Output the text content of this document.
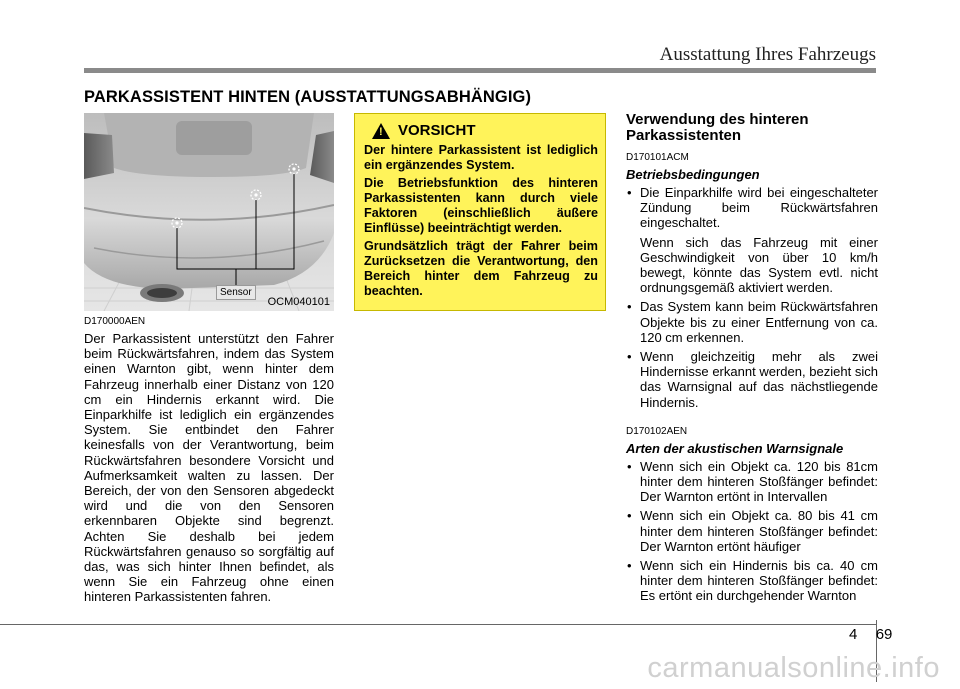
Ausstattung Ihres Fahrzeugs
PARKASSISTENT HINTEN (AUSSTATTUNGSABHÄNGIG)
Sensor
OCM040101

D170000AEN

Der Parkassistent unterstützt den Fahrer beim Rückwärtsfahren, indem das System einen Warnton gibt, wenn hinter dem Fahrzeug innerhalb einer Distanz von 120 cm ein Hindernis erkannt wird. Die Einparkhilfe ist lediglich ein ergänzendes System. Sie entbindet den Fahrer keinesfalls von der Verantwortung, beim Rückwärtsfahren besondere Vorsicht und Aufmerksamkeit walten zu lassen. Der Bereich, der von den Sensoren abgedeckt wird und die von den Sensoren erkennbaren Objekte sind begrenzt. Achten Sie deshalb bei jedem Rückwärtsfahren genauso so sorgfältig auf das, was sich hinter Ihnen befindet, als wenn Sie ein Fahrzeug ohne einen hinteren Parkassistenten fahren.

! VORSICHT

Der hintere Parkassistent ist lediglich ein ergänzendes System.

Die Betriebsfunktion des hinteren Parkassistenten kann durch viele Faktoren (einschließlich äußere Einflüsse) beeinträchtigt werden.

Grundsätzlich trägt der Fahrer beim Zurücksetzen die Verantwortung, den Bereich hinter dem Fahrzeug zu beachten.

Verwendung des hinteren Parkassistenten

D170101ACM

Betriebsbedingungen

• Die Einparkhilfe wird bei eingeschalteter Zündung beim Rückwärtsfahren eingeschaltet.
Wenn sich das Fahrzeug mit einer Geschwindigkeit von über 10 km/h bewegt, könnte das System evtl. nicht ordnungsgemäß aktiviert werden.
• Das System kann beim Rückwärtsfahren Objekte bis zu einer Entfernung von ca. 120 cm erkennen.
• Wenn gleichzeitig mehr als zwei Hindernisse erkannt werden, bezieht sich das Warnsignal auf das nächstliegende Hindernis.

D170102AEN

Arten der akustischen Warnsignale

• Wenn sich ein Objekt ca. 120 bis 81cm hinter dem hinteren Stoßfänger befindet: Der Warnton ertönt in Intervallen
• Wenn sich ein Objekt ca. 80 bis 41 cm hinter dem hinteren Stoßfänger befindet: Der Warnton ertönt häufiger
• Wenn sich ein Hindernis bis ca. 40 cm hinter dem hinteren Stoßfänger befindet: Es ertönt ein durchgehender Warnton
4 69
carmanualsonline.info
